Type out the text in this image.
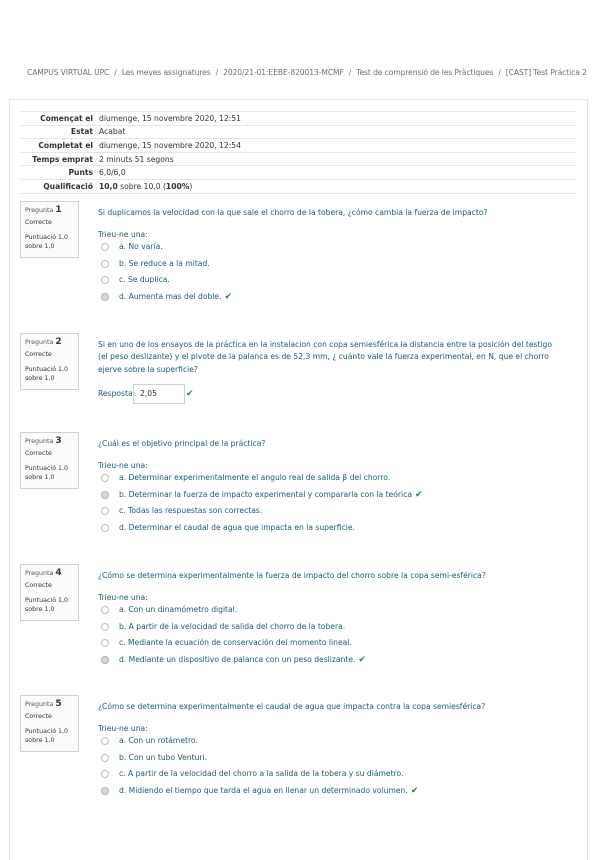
CAMPUS VIRTUAL UPC / Les meves assignatures / 2020/21-01:EEBE-820013-MCMF / Test de comprensió de les Pràctiques / [CAST] Test Práctica 2
Començat el	diumenge, 15 novembre 2020, 12:51
Estat	Acabat
Completat el	diumenge, 15 novembre 2020, 12:54
Temps emprat	2 minuts 51 segons
Punts	6,0/6,0
Qualificació	10,0 sobre 10,0 (100%)
Pregunta 1
Correcte
Puntuació 1,0 sobre 1,0
Si duplicamos la velocidad con la que sale el chorro de la tobera, ¿cómo cambia la fuerza de impacto?
Trieu-ne una:
a. No varía.
b. Se reduce a la mitad.
c. Se duplica.
d. Aumenta mas del doble. ✔
Pregunta 2
Correcte
Puntuació 1,0 sobre 1,0
Si en uno de los ensayos de la práctica en la instalacion con copa semiesférica la distancia entre la posición del testigo (el peso deslizante) y el pivote de la palanca es de 52,3 mm, ¿ cuánto vale la fuerza experimental, en N, que el chorro ejerve sobre la superficie?
Resposta: 2,05	✔
Pregunta 3
Correcte
Puntuació 1,0 sobre 1,0
¿Cuál es el objetivo principal de la práctica?
Trieu-ne una:
a. Determinar experimentalmente el angulo real de salida β del chorro.
b. Determinar la fuerza de impacto experimental y compararla con la teórica ✔
c. Todas las respuestas son correctas.
d. Determinar el caudal de agua que impacta en la superficie.
Pregunta 4
Correcte
Puntuació 1,0 sobre 1,0
¿Cómo se determina experimentalmente la fuerza de impacto del chorro sobre la copa semi-esférica?
Trieu-ne una:
a. Con un dinamómetro digital.
b. A partir de la velocidad de salida del chorro de la tobera.
c. Mediante la ecuación de conservación del momento lineal.
d. Mediante un dispositivo de palanca con un peso deslizante. ✔
Pregunta 5
Correcte
Puntuació 1,0 sobre 1,0
¿Cómo se determina experimentalmente el caudal de agua que impacta contra la copa semiesférica?
Trieu-ne una:
a. Con un rotámetro.
b. Con un tubo Venturi.
c. A partir de la velocidad del chorro a la salida de la tobera y su diámetro.
d. Midiendo el tiempo que tarda el agua en llenar un determinado volumen. ✔
